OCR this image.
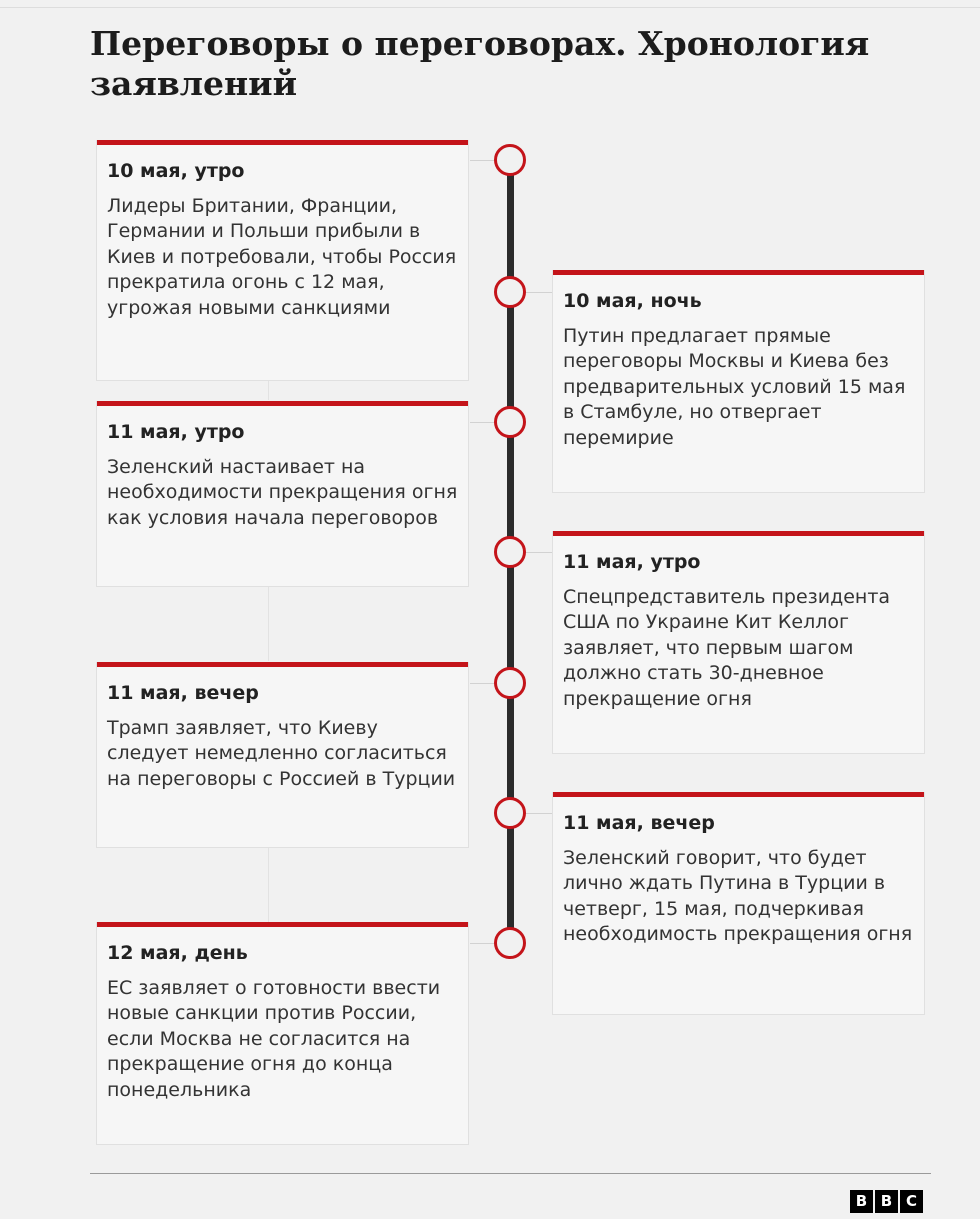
Переговоры о переговорах. Хронология заявлений
10 мая, утро
Лидеры Британии, Франции, Германии и Польши прибыли в Киев и потребовали, чтобы Россия прекратила огонь с 12 мая, угрожая новыми санкциями	10 мая, ночь
Путин предлагает прямые переговоры Москвы и Киева без предварительных условий 15 мая в Стамбуле, но отвергает перемирие
11 мая, утро
Зеленский настаивает на необходимости прекращения огня как условия начала переговоров
11 мая, утро
Спецпредставитель президента США по Украине Кит Келлог заявляет, что первым шагом должно стать 30-дневное прекращение огня
11 мая, вечер
Трамп заявляет, что Киеву следует немедленно согласиться на переговоры с Россией в Турции
11 мая, вечер
Зеленский говорит, что будет лично ждать Путина в Турции в четверг, 15 мая, подчеркивая необходимость прекращения огня
12 мая, день
ЕС заявляет о готовности ввести новые санкции против России, если Москва не согласится на прекращение огня до конца понедельника
B B C
